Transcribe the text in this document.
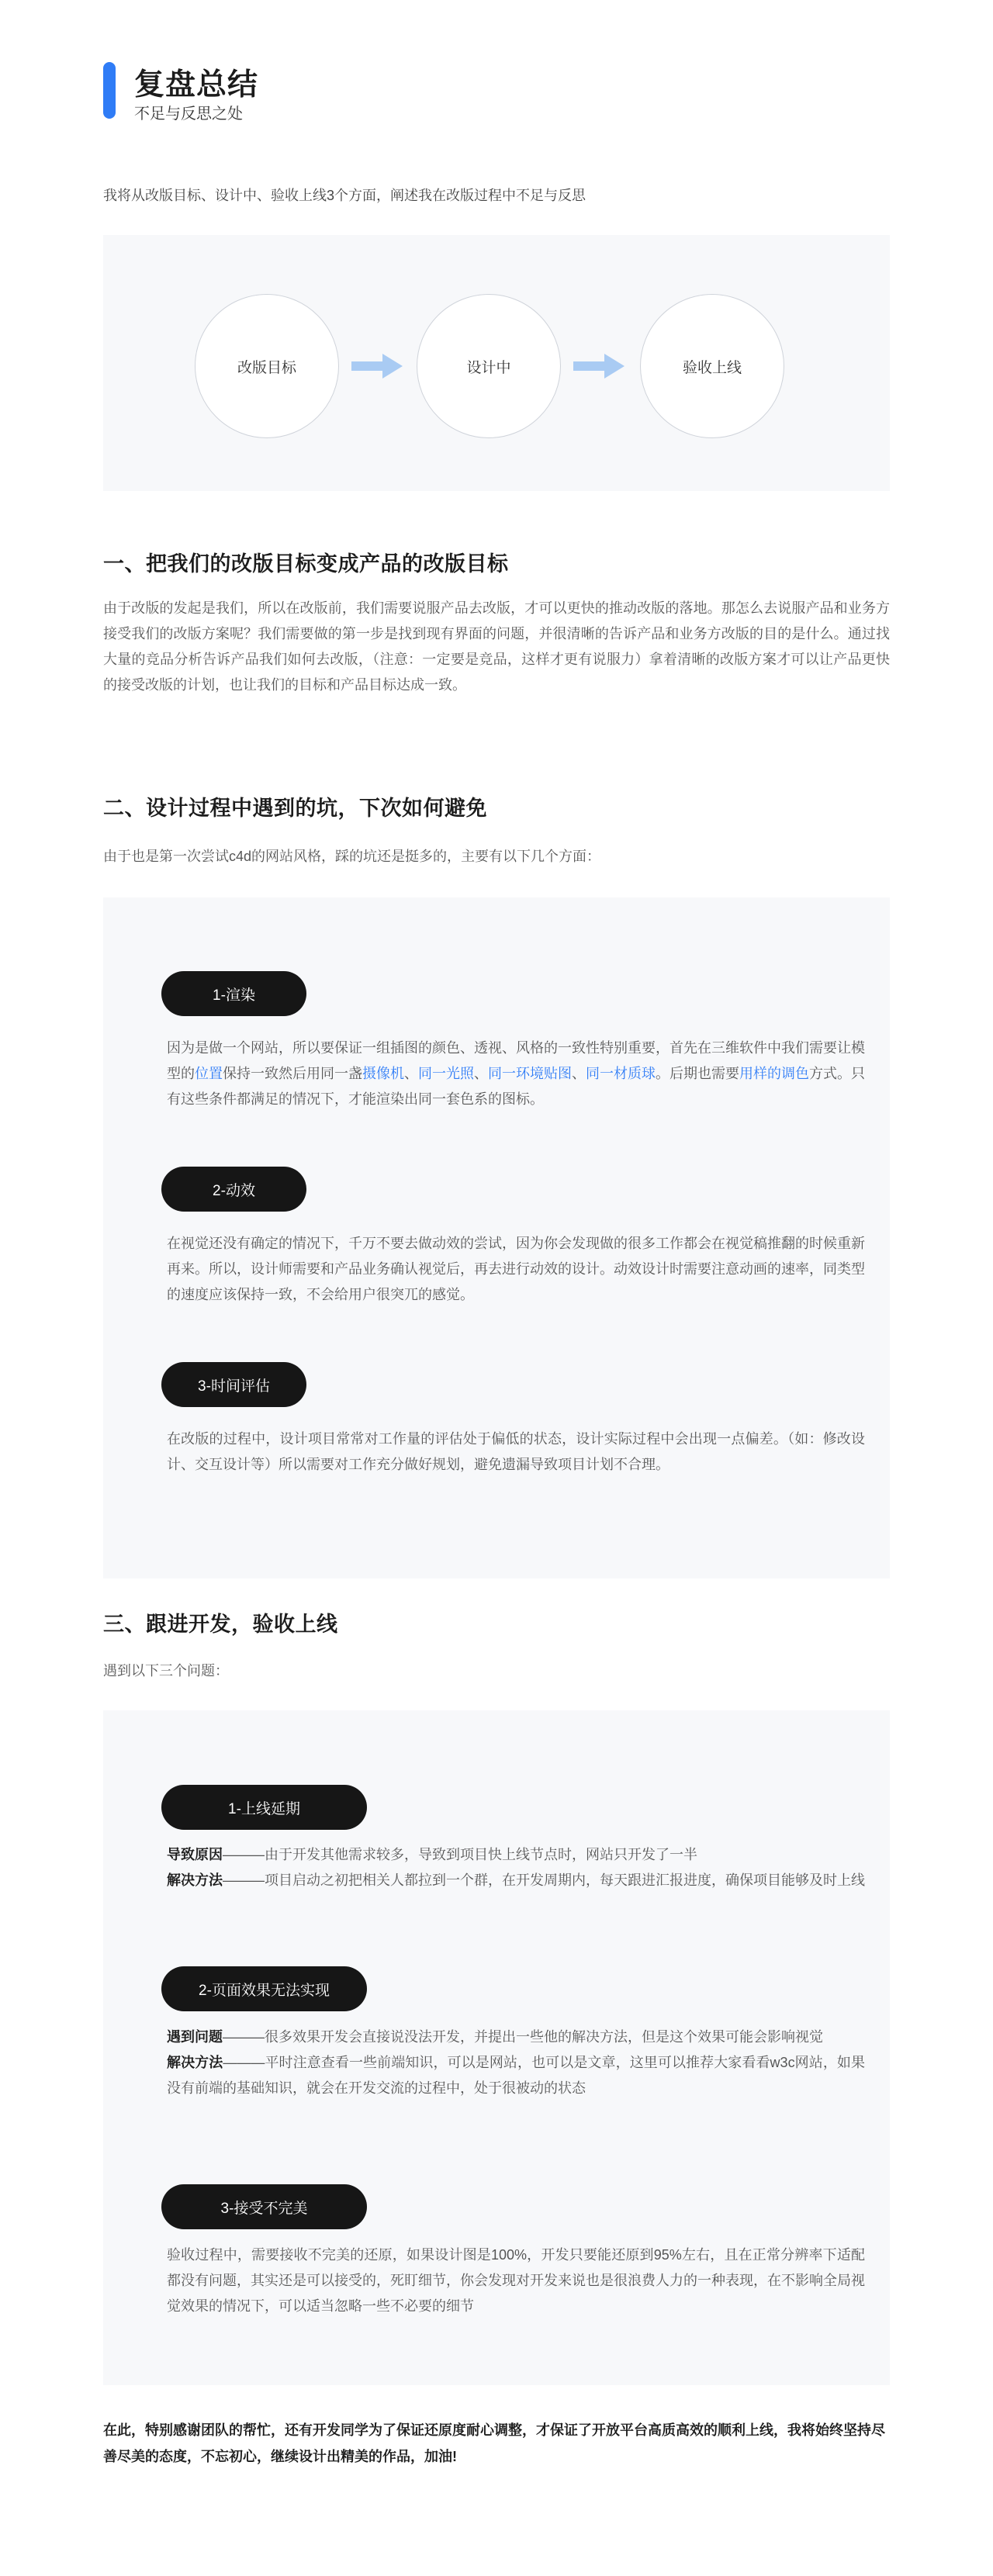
复盘总结
不足与反思之处
我将从改版目标、设计中、验收上线3个方面，阐述我在改版过程中不足与反思
改版目标	设计中	验收上线
一、把我们的改版目标变成产品的改版目标
由于改版的发起是我们，所以在改版前，我们需要说服产品去改版，才可以更快的推动改版的落地。那怎么去说服产品和业务方接受我们的改版方案呢？我们需要做的第一步是找到现有界面的问题，并很清晰的告诉产品和业务方改版的目的是什么。通过找大量的竞品分析告诉产品我们如何去改版，（注意：一定要是竞品，这样才更有说服力）拿着清晰的改版方案才可以让产品更快的接受改版的计划，也让我们的目标和产品目标达成一致。
二、设计过程中遇到的坑，下次如何避免
由于也是第一次尝试c4d的网站风格，踩的坑还是挺多的，主要有以下几个方面：
1-渲染
因为是做一个网站，所以要保证一组插图的颜色、透视、风格的一致性特别重要，首先在三维软件中我们需要让模型的位置保持一致然后用同一盏摄像机、同一光照、同一环境贴图、同一材质球。后期也需要用样的调色方式。只有这些条件都满足的情况下，才能渲染出同一套色系的图标。
2-动效
在视觉还没有确定的情况下，千万不要去做动效的尝试，因为你会发现做的很多工作都会在视觉稿推翻的时候重新再来。所以，设计师需要和产品业务确认视觉后，再去进行动效的设计。动效设计时需要注意动画的速率，同类型的速度应该保持一致，不会给用户很突兀的感觉。
3-时间评估
在改版的过程中，设计项目常常对工作量的评估处于偏低的状态，设计实际过程中会出现一点偏差。（如：修改设计、交互设计等）所以需要对工作充分做好规划，避免遗漏导致项目计划不合理。
三、跟进开发，验收上线
遇到以下三个问题：
1-上线延期
导致原因———由于开发其他需求较多，导致到项目快上线节点时，网站只开发了一半
解决方法———项目启动之初把相关人都拉到一个群，在开发周期内，每天跟进汇报进度，确保项目能够及时上线
2-页面效果无法实现
遇到问题———很多效果开发会直接说没法开发，并提出一些他的解决方法，但是这个效果可能会影响视觉
解决方法———平时注意查看一些前端知识，可以是网站，也可以是文章，这里可以推荐大家看看w3c网站，如果没有前端的基础知识，就会在开发交流的过程中，处于很被动的状态
3-接受不完美
验收过程中，需要接收不完美的还原，如果设计图是100%，开发只要能还原到95%左右，且在正常分辨率下适配都没有问题，其实还是可以接受的，死盯细节，你会发现对开发来说也是很浪费人力的一种表现，在不影响全局视觉效果的情况下，可以适当忽略一些不必要的细节
在此，特别感谢团队的帮忙，还有开发同学为了保证还原度耐心调整，才保证了开放平台高质高效的顺利上线，我将始终坚持尽善尽美的态度，不忘初心，继续设计出精美的作品，加油!
